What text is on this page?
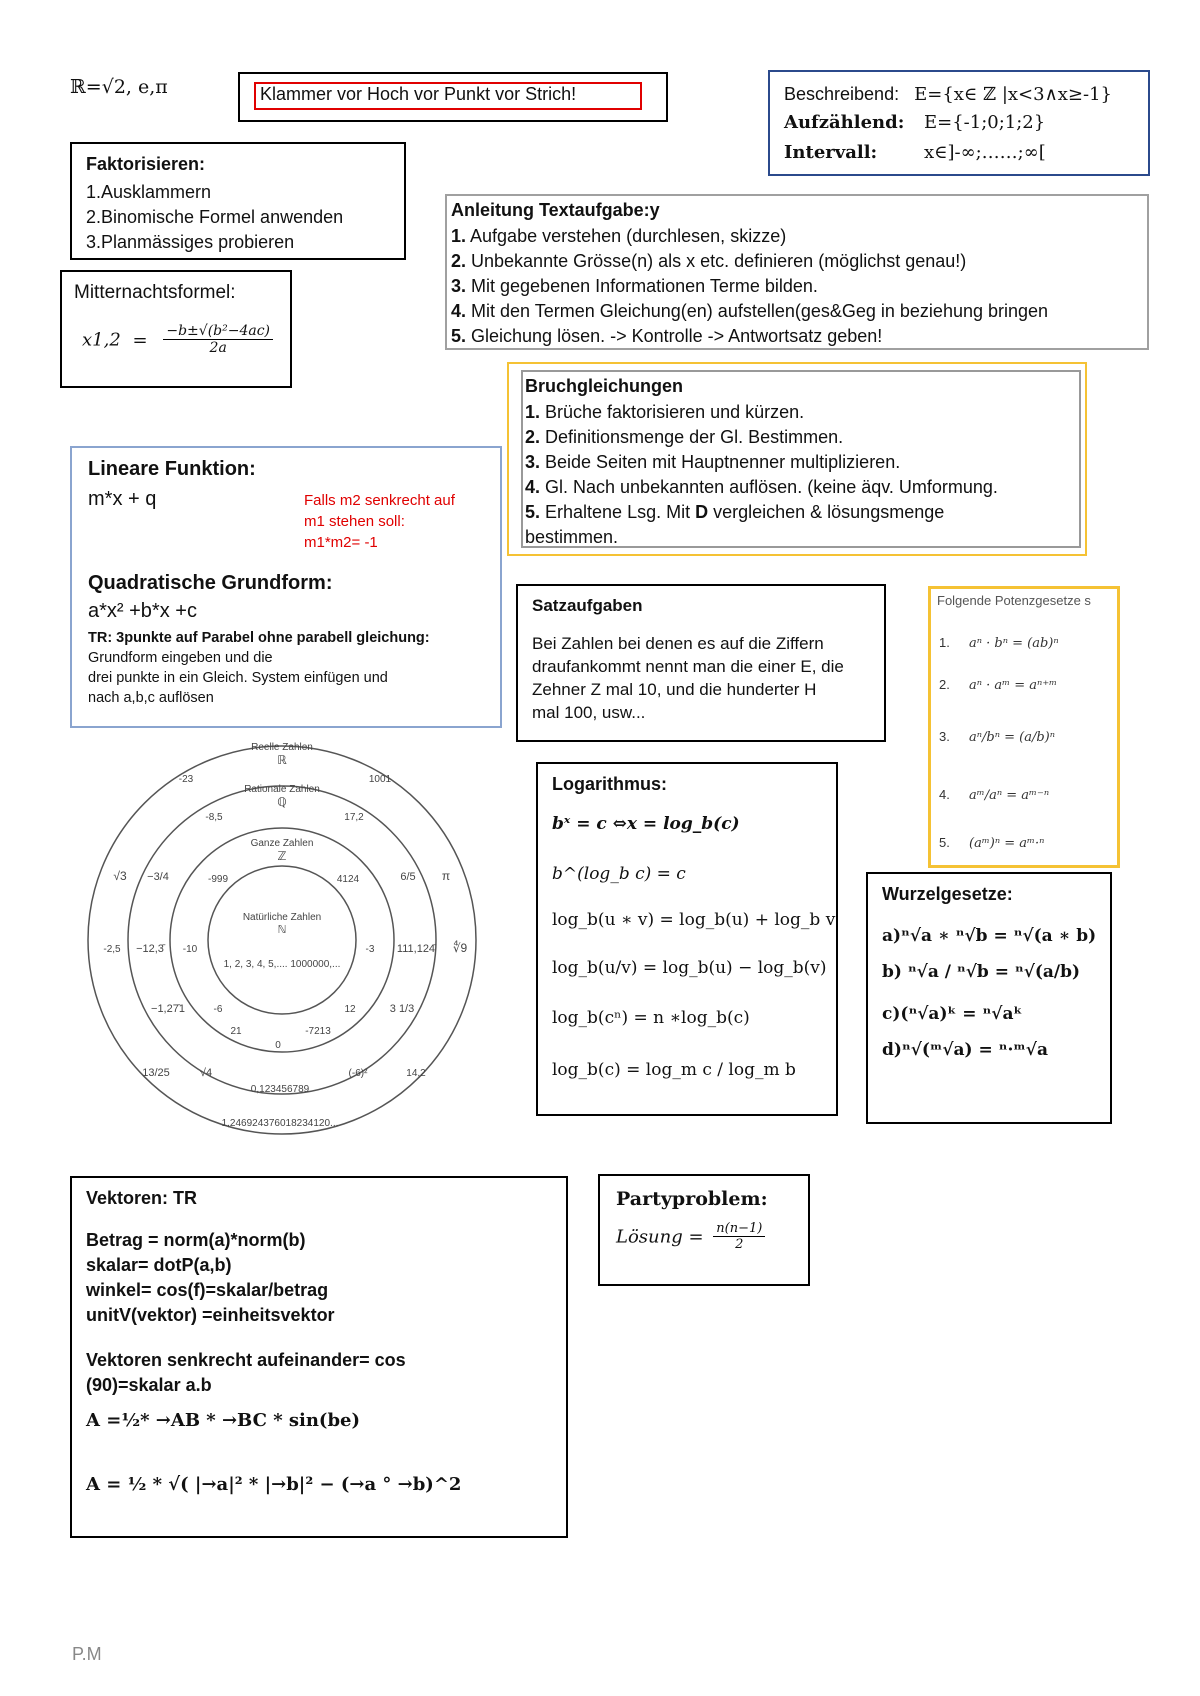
ℝ=√2, e,π	Klammer vor Hoch vor Punkt vor Strich!	Beschreibend: E={x∈ ℤ |x<3∧x≥-1}
Aufzählend: E={-1;0;1;2}
Intervall:	x∈]-∞;……;∞[
Faktorisieren:
1.Ausklammern
2.Binomische Formel anwenden
3.Planmässiges probieren
Mitternachtsformel:
$x1,2 = \frac{\text{−b±√(b²−4ac)}}{2a}$
Anleitung Textaufgabe:y
1. Aufgabe verstehen (durchlesen, skizze)
2. Unbekannte Grösse(n) als x etc. definieren (möglichst genau!)
3. Mit gegebenen Informationen Terme bilden.
4. Mit den Termen Gleichung(en) aufstellen(ges&Geg in beziehung bringen
5. Gleichung lösen. -> Kontrolle -> Antwortsatz geben!
Bruchgleichungen
1. Brüche faktorisieren und kürzen.
2. Definitionsmenge der Gl. Bestimmen.
3. Beide Seiten mit Hauptnenner multiplizieren.
4. Gl. Nach unbekannten auflösen. (keine äqv. Umformung.
5. Erhaltene Lsg. Mit D vergleichen & lösungsmenge
bestimmen.
Lineare Funktion:
m*x + q	Falls m2 senkrecht auf
m1 stehen soll:
m1*m2= -1
Quadratische Grundform:
a*x² +b*x +c
TR: 3punkte auf Parabel ohne parabell gleichung:
Grundform eingeben und die
drei punkte in ein Gleich. System einfügen und
nach a,b,c auflösen
Satzaufgaben
Bei Zahlen bei denen es auf die Ziffern
draufankommt nennt man die einer E, die
Zehner Z mal 10, und die hunderter H
mal 100, usw...
Folgende Potenzgesetze s
1. aⁿ · bⁿ = (ab)ⁿ
2. aⁿ · aᵐ = aⁿ⁺ᵐ
3. aⁿ/bⁿ = (a/b)ⁿ
4. aᵐ/aⁿ = aᵐ⁻ⁿ
5. (aᵐ)ⁿ = aᵐ·ⁿ
Reelle Zahlen
ℝ
Rationale Zahlen
ℚ
Ganze Zahlen
ℤ
Natürliche Zahlen
ℕ
1, 2, 3, 4, 5,.... 1000000,...
-23	1001
-8,5	17,2
-999	4124
√3 −3/4	6/5 π
-2,5 −12,3̄ -10	-3 111,124̄ ∜9
−1,27̄1	-6	12	3 1/3
21	-7213
0
13/25	√4	(-6)²	14,2
0,123456789
1,246924376018234120...
Logarithmus:
bˣ = c ⇔x = log_b(c)
b^(log_b c) = c
log_b(u ∗ v) = log_b(u) + log_b v
log_b(u/v) = log_b(u) − log_b(v)
log_b(cⁿ) = n ∗log_b(c)
log_b(c) = log_m c / log_m b
Wurzelgesetze:
a)ⁿ√a ∗ ⁿ√b = ⁿ√(a ∗ b)
b) ⁿ√a / ⁿ√b = ⁿ√(a/b)
c)(ⁿ√a)ᵏ = ⁿ√aᵏ
d)ⁿ√(ᵐ√a) = ⁿ·ᵐ√a
Vektoren: TR
Betrag = norm(a)*norm(b)
skalar= dotP(a,b)
winkel= cos(f)=skalar/betrag
unitV(vektor) =einheitsvektor
Vektoren senkrecht aufeinander= cos
(90)=skalar a.b
A =½* →AB * →BC * sin(be)
A = ½ * √( |→a|² * |→b|² − (→a ° →b)^2
Partyproblem:
Lösung = $\frac{n(n-1)}{2}$
P.M
